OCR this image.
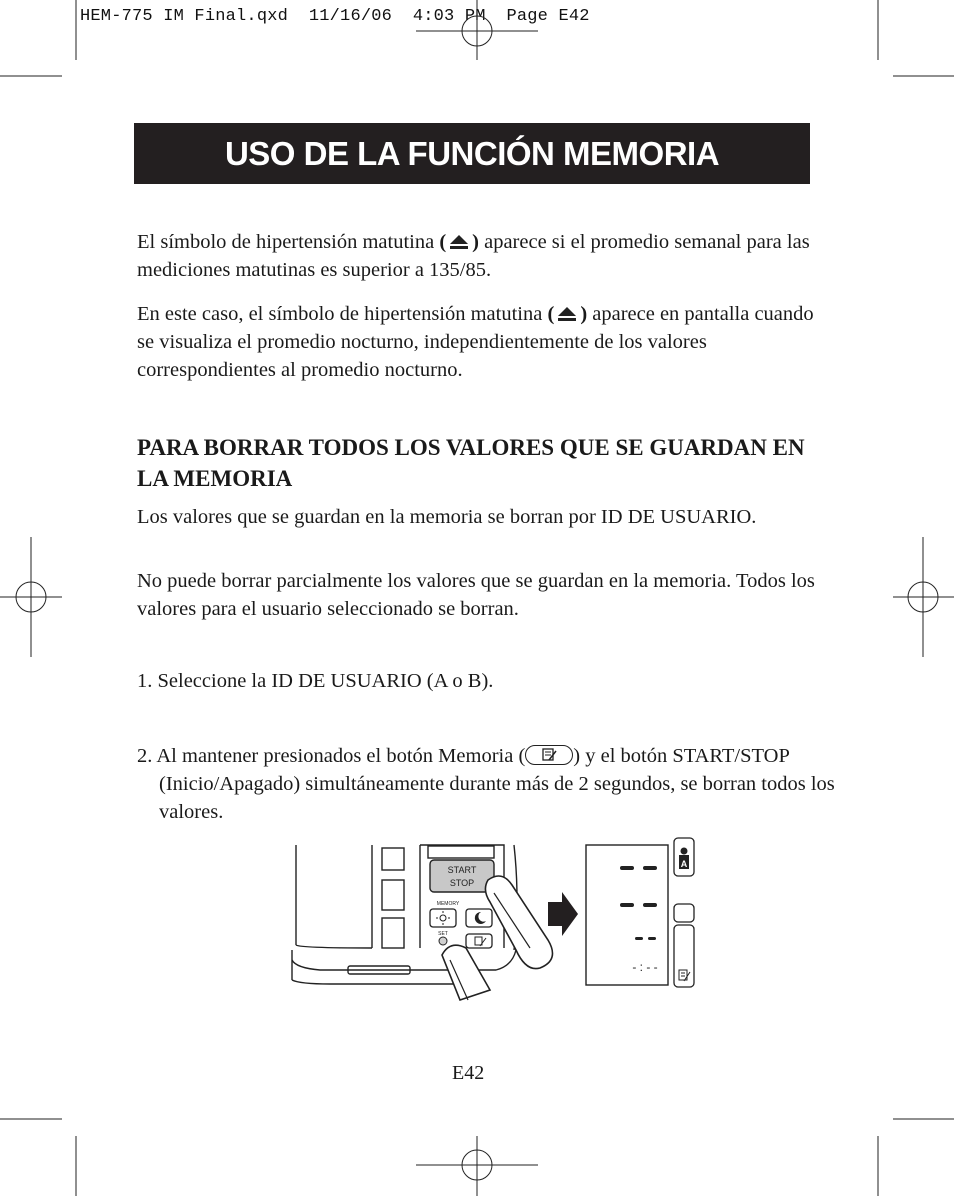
HEM-775 IM Final.qxd  11/16/06  4:03 PM  Page E42
USO DE LA FUNCIÓN MEMORIA

El símbolo de hipertensión matutina ( ) aparece si el promedio semanal para las mediciones matutinas es superior a 135/85.

En este caso, el símbolo de hipertensión matutina ( ) aparece en pantalla cuando se visualiza el promedio nocturno, independientemente de los valores correspondientes al promedio nocturno.

PARA BORRAR TODOS LOS VALORES QUE SE GUARDAN EN LA MEMORIA

Los valores que se guardan en la memoria se borran por ID DE USUARIO.

No puede borrar parcialmente los valores que se guardan en la memoria. Todos los valores para el usuario seleccionado se borran.

1. Seleccione la ID DE USUARIO (A o B).

2. Al mantener presionados el botón Memoria ( ) y el botón START/STOP (Inicio/Apagado) simultáneamente durante más de 2 segundos, se borran todos los valores.

START
STOP
MEMORY
SET
- : - -
A
E42
